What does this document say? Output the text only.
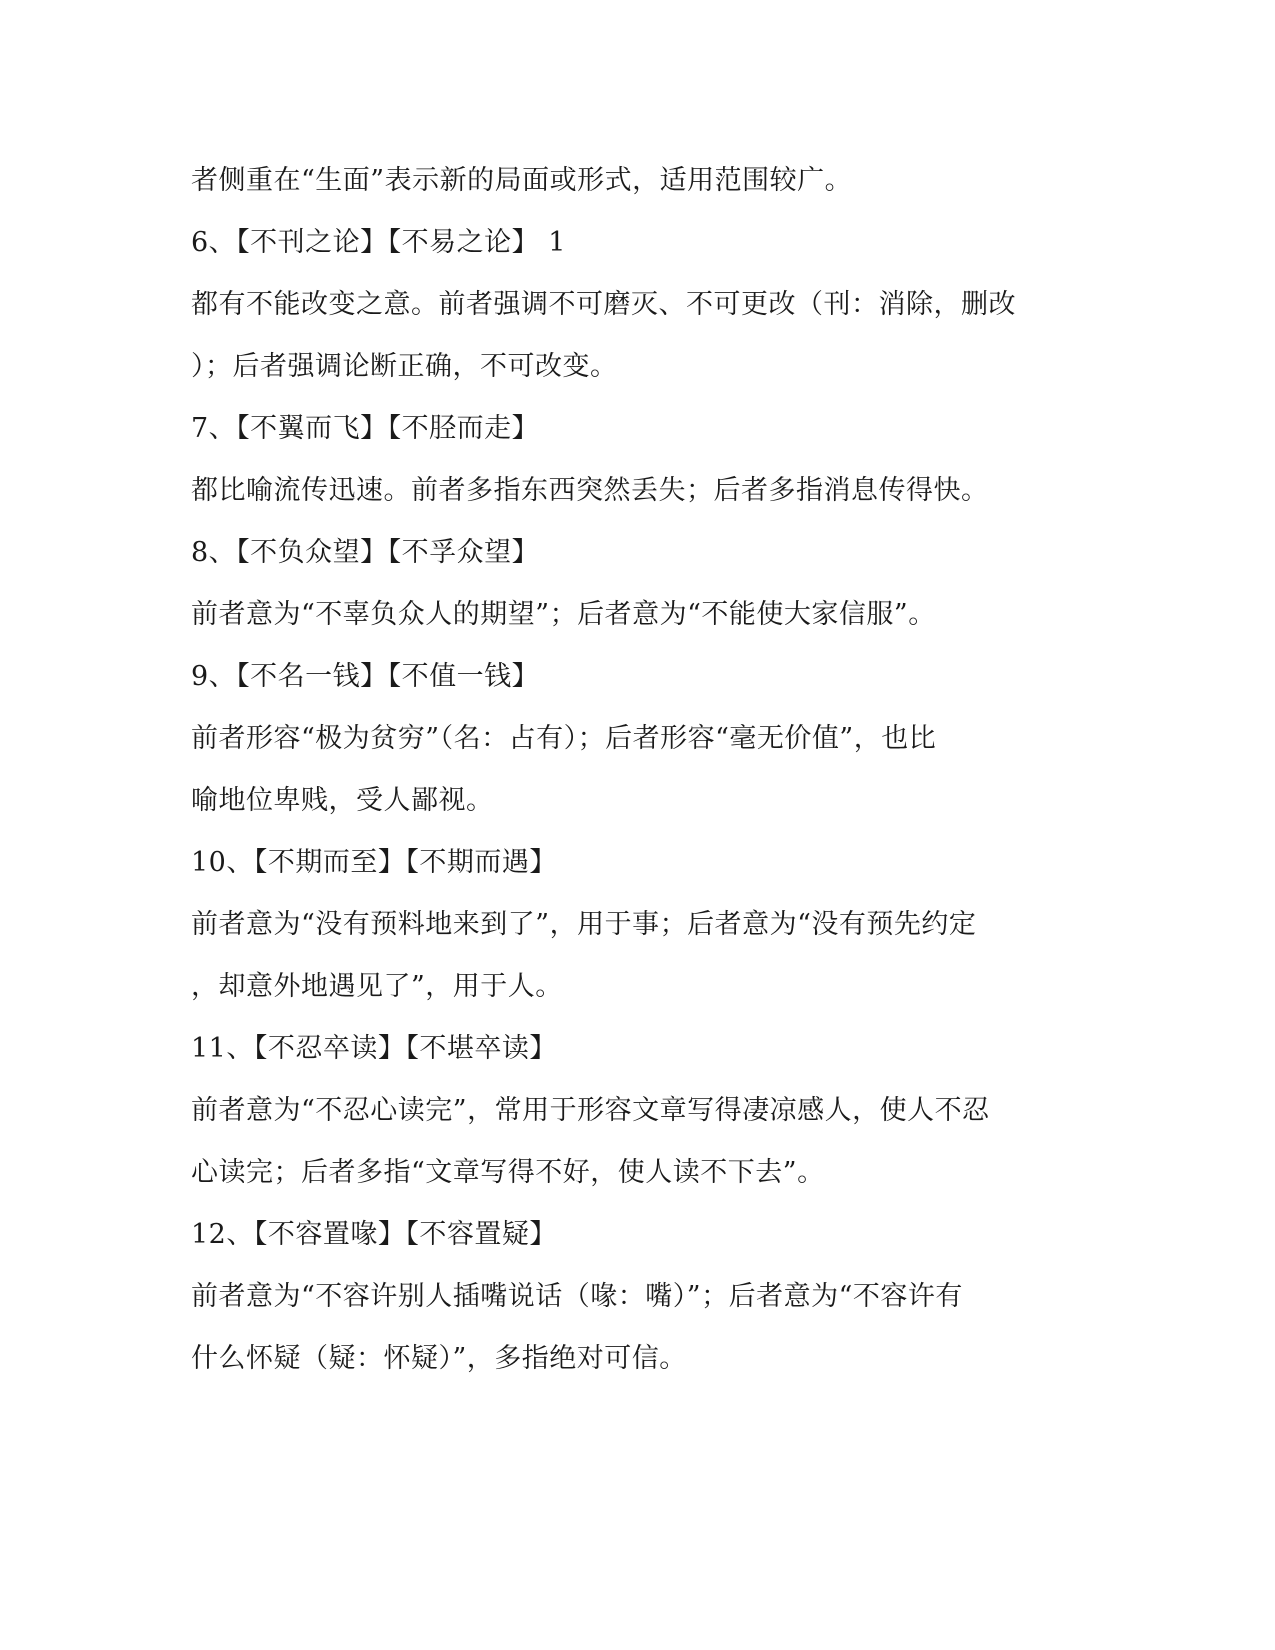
者侧重在“生面”表示新的局面或形式，适用范围较广。

6、【不刊之论】【不易之论】 1

都有不能改变之意。前者强调不可磨灭、不可更改（刊：消除，删改

）；后者强调论断正确，不可改变。

7、【不翼而飞】【不胫而走】

都比喻流传迅速。前者多指东西突然丢失；后者多指消息传得快。

8、【不负众望】【不孚众望】

前者意为“不辜负众人的期望”；后者意为“不能使大家信服”。

9、【不名一钱】【不值一钱】

前者形容“极为贫穷”（名：占有）；后者形容“毫无价值”，也比

喻地位卑贱，受人鄙视。

10、【不期而至】【不期而遇】

前者意为“没有预料地来到了”，用于事；后者意为“没有预先约定

，却意外地遇见了”，用于人。

11、【不忍卒读】【不堪卒读】

前者意为“不忍心读完”，常用于形容文章写得凄凉感人，使人不忍

心读完；后者多指“文章写得不好，使人读不下去”。

12、【不容置喙】【不容置疑】

前者意为“不容许别人插嘴说话（喙：嘴）”；后者意为“不容许有

什么怀疑（疑：怀疑）”，多指绝对可信。
